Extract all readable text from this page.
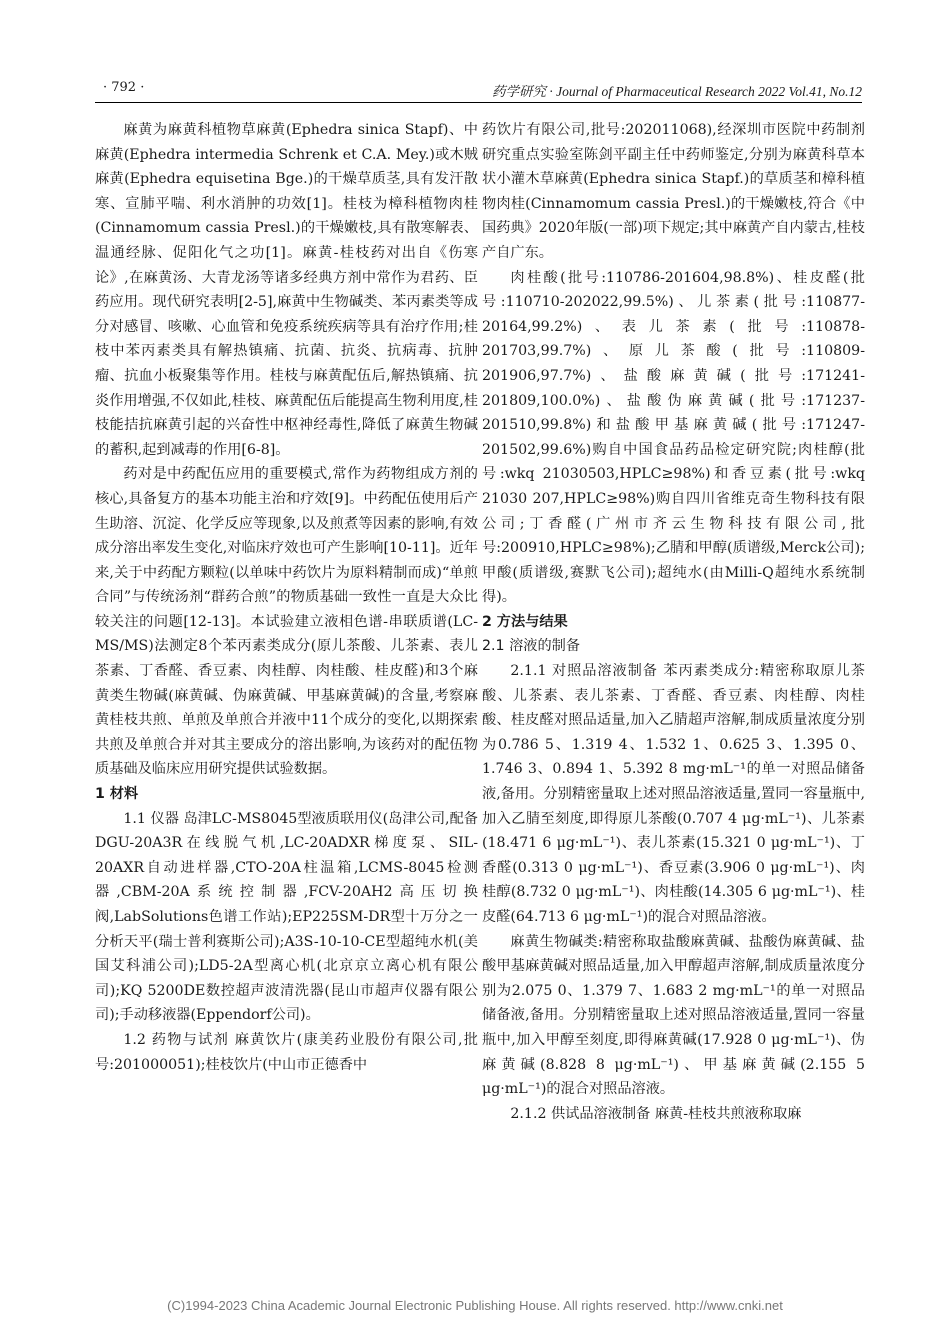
· 792 ·	药学研究 · Journal of Pharmaceutical Research 2022 Vol.41, No.12

麻黄为麻黄科植物草麻黄(Ephedra sinica Stapf)、中麻黄(Ephedra intermedia Schrenk et C.A. Mey.)或木贼麻黄(Ephedra equisetina Bge.)的干燥草质茎,具有发汗散寒、宣肺平喘、利水消肿的功效[1]。桂枝为樟科植物肉桂(Cinnamomum cassia Presl.)的干燥嫩枝,具有散寒解表、温通经脉、促阳化气之功[1]。麻黄-桂枝药对出自《伤寒论》,在麻黄汤、大青龙汤等诸多经典方剂中常作为君药、臣药应用。现代研究表明[2-5],麻黄中生物碱类、苯丙素类等成分对感冒、咳嗽、心血管和免疫系统疾病等具有治疗作用;桂枝中苯丙素类具有解热镇痛、抗菌、抗炎、抗病毒、抗肿瘤、抗血小板聚集等作用。桂枝与麻黄配伍后,解热镇痛、抗炎作用增强,不仅如此,桂枝、麻黄配伍后能提高生物利用度,桂枝能拮抗麻黄引起的兴奋性中枢神经毒性,降低了麻黄生物碱的蓄积,起到减毒的作用[6-8]。

药对是中药配伍应用的重要模式,常作为药物组成方剂的核心,具备复方的基本功能主治和疗效[9]。中药配伍使用后产生助溶、沉淀、化学反应等现象,以及煎煮等因素的影响,有效成分溶出率发生变化,对临床疗效也可产生影响[10-11]。近年来,关于中药配方颗粒(以单味中药饮片为原料精制而成)“单煎合同”与传统汤剂“群药合煎”的物质基础一致性一直是大众比较关注的问题[12-13]。本试验建立液相色谱-串联质谱(LC-MS/MS)法测定8个苯丙素类成分(原儿茶酸、儿茶素、表儿茶素、丁香醛、香豆素、肉桂醇、肉桂酸、桂皮醛)和3个麻黄类生物碱(麻黄碱、伪麻黄碱、甲基麻黄碱)的含量,考察麻黄桂枝共煎、单煎及单煎合并液中11个成分的变化,以期探索共煎及单煎合并对其主要成分的溶出影响,为该药对的配伍物质基础及临床应用研究提供试验数据。

1 材料

1.1 仪器 岛津LC-MS8045型液质联用仪(岛津公司,配备DGU-20A3R在线脱气机,LC-20ADXR梯度泵、SIL-20AXR自动进样器,CTO-20A柱温箱,LCMS-8045检测器,CBM-20A系统控制器,FCV-20AH2高压切换阀,LabSolutions色谱工作站);EP225SM-DR型十万分之一分析天平(瑞士普利赛斯公司);A3S-10-10-CE型超纯水机(美国艾科浦公司);LD5-2A型离心机(北京京立离心机有限公司);KQ 5200DE数控超声波清洗器(昆山市超声仪器有限公司);手动移液器(Eppendorf公司)。

1.2 药物与试剂 麻黄饮片(康美药业股份有限公司,批号:201000051);桂枝饮片(中山市正德香中

药饮片有限公司,批号:202011068),经深圳市医院中药制剂研究重点实验室陈剑平副主任中药师鉴定,分别为麻黄科草本状小灌木草麻黄(Ephedra sinica Stapf.)的草质茎和樟科植物肉桂(Cinnamomum cassia Presl.)的干燥嫩枝,符合《中国药典》2020年版(一部)项下规定;其中麻黄产自内蒙古,桂枝产自广东。

肉桂酸(批号:110786-201604,98.8%)、桂皮醛(批号:110710-202022,99.5%)、儿茶素(批号:110877-20164,99.2%)、表儿茶素(批号:110878-201703,99.7%)、原儿茶酸(批号:110809-201906,97.7%)、盐酸麻黄碱(批号:171241-201809,100.0%)、盐酸伪麻黄碱(批号:171237-201510,99.8%)和盐酸甲基麻黄碱(批号:171247-201502,99.6%)购自中国食品药品检定研究院;肉桂醇(批号:wkq 21030503,HPLC≥98%)和香豆素(批号:wkq 21030 207,HPLC≥98%)购自四川省维克奇生物科技有限公司;丁香醛(广州市齐云生物科技有限公司,批号:200910,HPLC≥98%);乙腈和甲醇(质谱级,Merck公司);甲酸(质谱级,赛默飞公司);超纯水(由Milli-Q超纯水系统制得)。

2 方法与结果
2.1 溶液的制备

2.1.1 对照品溶液制备 苯丙素类成分:精密称取原儿茶酸、儿茶素、表儿茶素、丁香醛、香豆素、肉桂醇、肉桂酸、桂皮醛对照品适量,加入乙腈超声溶解,制成质量浓度分别为0.786 5、1.319 4、1.532 1、0.625 3、1.395 0、1.746 3、0.894 1、5.392 8 mg·mL⁻¹的单一对照品储备液,备用。分别精密量取上述对照品溶液适量,置同一容量瓶中,加入乙腈至刻度,即得原儿茶酸(0.707 4 μg·mL⁻¹)、儿茶素(18.471 6 μg·mL⁻¹)、表儿茶素(15.321 0 μg·mL⁻¹)、丁香醛(0.313 0 μg·mL⁻¹)、香豆素(3.906 0 μg·mL⁻¹)、肉桂醇(8.732 0 μg·mL⁻¹)、肉桂酸(14.305 6 μg·mL⁻¹)、桂皮醛(64.713 6 μg·mL⁻¹)的混合对照品溶液。

麻黄生物碱类:精密称取盐酸麻黄碱、盐酸伪麻黄碱、盐酸甲基麻黄碱对照品适量,加入甲醇超声溶解,制成质量浓度分别为2.075 0、1.379 7、1.683 2 mg·mL⁻¹的单一对照品储备液,备用。分别精密量取上述对照品溶液适量,置同一容量瓶中,加入甲醇至刻度,即得麻黄碱(17.928 0 μg·mL⁻¹)、伪麻黄碱(8.828 8 μg·mL⁻¹)、甲基麻黄碱(2.155 5 μg·mL⁻¹)的混合对照品溶液。

2.1.2 供试品溶液制备 麻黄-桂枝共煎液称取麻

(C)1994-2023 China Academic Journal Electronic Publishing House. All rights reserved. http://www.cnki.net
